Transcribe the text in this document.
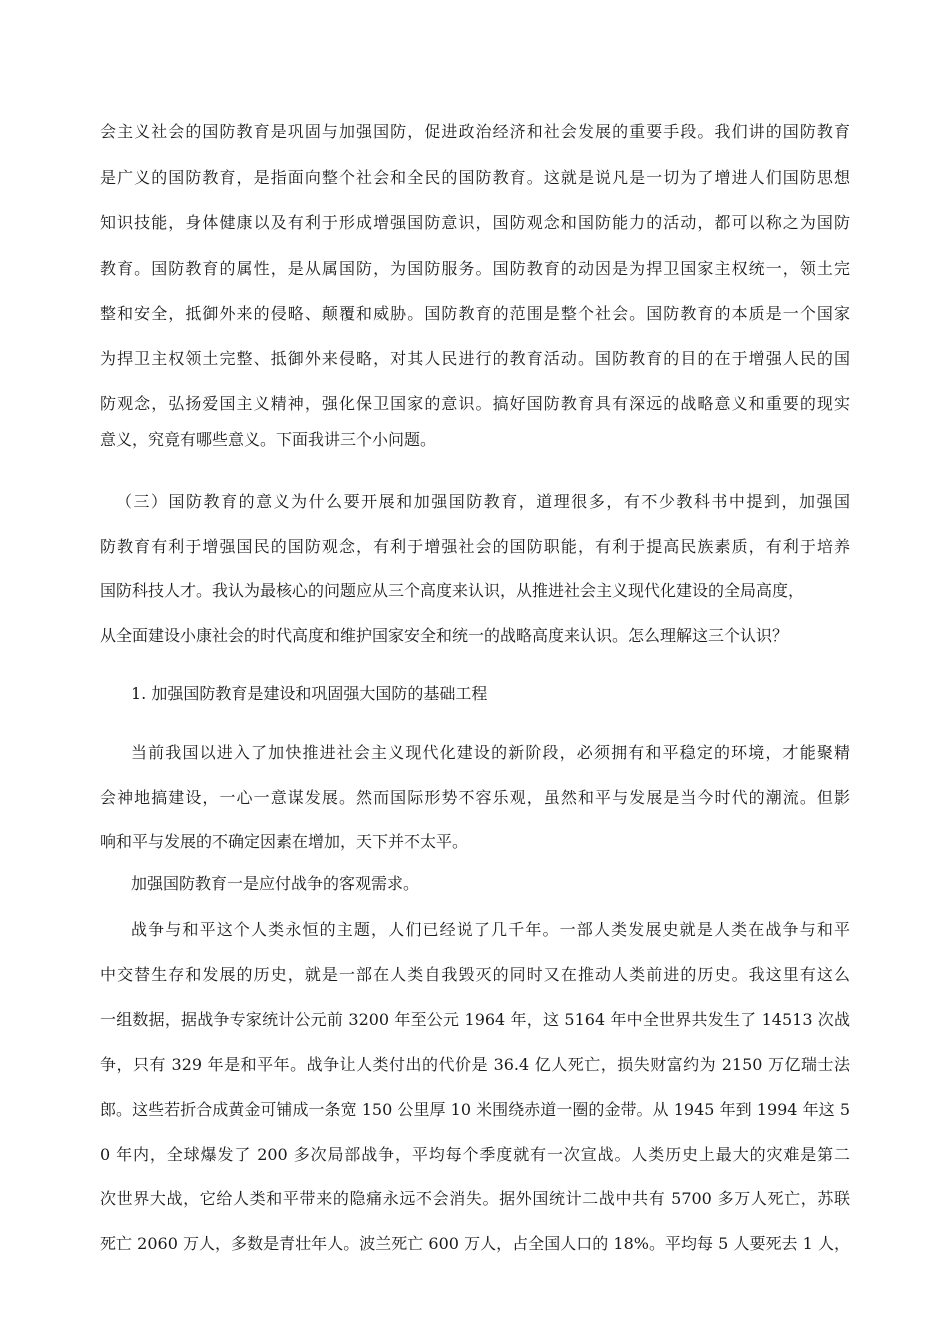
会主义社会的国防教育是巩固与加强国防，促进政治经济和社会发展的重要手段。我们讲的国防教育
是广义的国防教育，是指面向整个社会和全民的国防教育。这就是说凡是一切为了增进人们国防思想
知识技能，身体健康以及有利于形成增强国防意识，国防观念和国防能力的活动，都可以称之为国防
教育。国防教育的属性，是从属国防，为国防服务。国防教育的动因是为捍卫国家主权统一，领土完
整和安全，抵御外来的侵略、颠覆和威胁。国防教育的范围是整个社会。国防教育的本质是一个国家
为捍卫主权领土完整、抵御外来侵略，对其人民进行的教育活动。国防教育的目的在于增强人民的国
防观念，弘扬爱国主义精神，强化保卫国家的意识。搞好国防教育具有深远的战略意义和重要的现实
意义，究竟有哪些意义。下面我讲三个小问题。
（三）国防教育的意义为什么要开展和加强国防教育，道理很多，有不少教科书中提到，加强国
防教育有利于增强国民的国防观念，有利于增强社会的国防职能，有利于提高民族素质，有利于培养
国防科技人才。我认为最核心的问题应从三个高度来认识，从推进社会主义现代化建设的全局高度，
从全面建设小康社会的时代高度和维护国家安全和统一的战略高度来认识。怎么理解这三个认识？
1. 加强国防教育是建设和巩固强大国防的基础工程
当前我国以进入了加快推进社会主义现代化建设的新阶段，必须拥有和平稳定的环境，才能聚精
会神地搞建设，一心一意谋发展。然而国际形势不容乐观，虽然和平与发展是当今时代的潮流。但影
响和平与发展的不确定因素在增加，天下并不太平。
加强国防教育一是应付战争的客观需求。
战争与和平这个人类永恒的主题，人们已经说了几千年。一部人类发展史就是人类在战争与和平
中交替生存和发展的历史，就是一部在人类自我毁灭的同时又在推动人类前进的历史。我这里有这么
一组数据，据战争专家统计公元前 3200 年至公元 1964 年，这 5164 年中全世界共发生了 14513 次战
争，只有 329 年是和平年。战争让人类付出的代价是 36.4 亿人死亡，损失财富约为 2150 万亿瑞士法
郎。这些若折合成黄金可铺成一条宽 150 公里厚 10 米围绕赤道一圈的金带。从 1945 年到 1994 年这 5
0 年内，全球爆发了 200 多次局部战争，平均每个季度就有一次宣战。人类历史上最大的灾难是第二
次世界大战，它给人类和平带来的隐痛永远不会消失。据外国统计二战中共有 5700 多万人死亡，苏联
死亡 2060 万人，多数是青壮年人。波兰死亡 600 万人，占全国人口的 18%。平均每 5 人要死去 1 人，
